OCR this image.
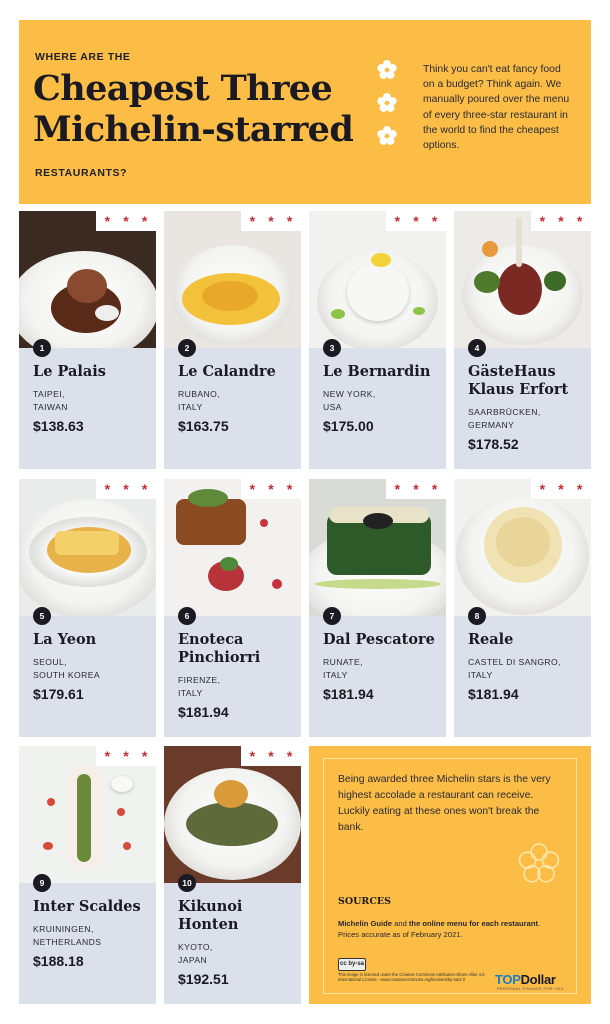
WHERE ARE THE
Cheapest Three
Michelin-starred
RESTAURANTS?
Think you can't eat fancy food on a budget? Think again. We manually poured over the menu of every three-star restaurant in the world to find the cheapest options.
* * *
1
Le Palais
TAIPEI,
TAIWAN
$138.63
* * *
2
Le Calandre
RUBANO,
ITALY
$163.75
* * *
3
Le Bernardin
NEW YORK,
USA
$175.00
* * *
4
GästeHaus Klaus Erfort
SAARBRÜCKEN,
GERMANY
$178.52
* * *
5
La Yeon
SEOUL,
SOUTH KOREA
$179.61
* * *
6
Enoteca Pinchiorri
FIRENZE,
ITALY
$181.94
* * *
7
Dal Pescatore
RUNATE,
ITALY
$181.94
* * *
8
Reale
CASTEL DI SANGRO,
ITALY
$181.94
* * *
9
Inter Scaldes
KRUININGEN,
NETHERLANDS
$188.18
* * *
10
Kikunoi Honten
KYOTO,
JAPAN
$192.51
Being awarded three Michelin stars is the very highest accolade a restaurant can receive. Luckily eating at these ones won't break the bank.
SOURCES
Michelin Guide and the online menu for each restaurant. Prices accurate as of February 2021.
cc by-sa
This image is licensed under the Creative Commons Attribution-Share Alike 4.0 International License - www.creativecommons.org/licenses/by-sa/4.0	TOPDollar
PERSONAL FINANCE FOR YOU
